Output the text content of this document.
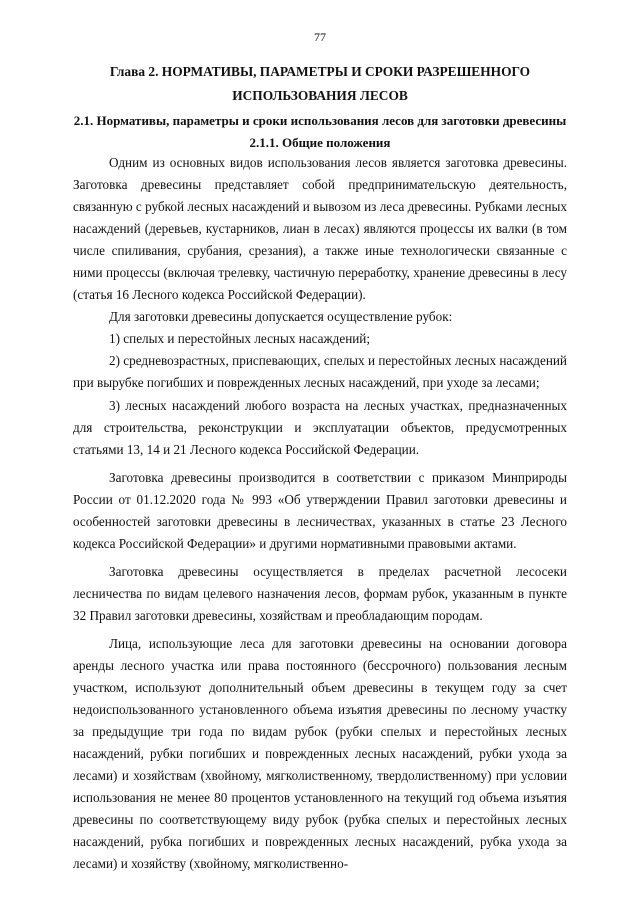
77
Глава 2. НОРМАТИВЫ, ПАРАМЕТРЫ И СРОКИ РАЗРЕШЕННОГО ИСПОЛЬЗОВАНИЯ ЛЕСОВ
2.1. Нормативы, параметры и сроки использования лесов для заготовки древесины
2.1.1. Общие положения

Одним из основных видов использования лесов является заготовка древесины. Заготовка древесины представляет собой предпринимательскую деятельность, связанную с рубкой лесных насаждений и вывозом из леса древесины. Рубками лесных насаждений (деревьев, кустарников, лиан в лесах) являются процессы их валки (в том числе спиливания, срубания, срезания), а также иные технологически связанные с ними процессы (включая трелевку, частичную переработку, хранение древесины в лесу (статья 16 Лесного кодекса Российской Федерации).

Для заготовки древесины допускается осуществление рубок:

1) спелых и перестойных лесных насаждений;

2) средневозрастных, приспевающих, спелых и перестойных лесных насаждений при вырубке погибших и поврежденных лесных насаждений, при уходе за лесами;

3) лесных насаждений любого возраста на лесных участках, предназначенных для строительства, реконструкции и эксплуатации объектов, предусмотренных статьями 13, 14 и 21 Лесного кодекса Российской Федерации.

Заготовка древесины производится в соответствии с приказом Минприроды России от 01.12.2020 года № 993 «Об утверждении Правил заготовки древесины и особенностей заготовки древесины в лесничествах, указанных в статье 23 Лесного кодекса Российской Федерации» и другими нормативными правовыми актами.

Заготовка древесины осуществляется в пределах расчетной лесосеки лесничества по видам целевого назначения лесов, формам рубок, указанным в пункте 32 Правил заготовки древесины, хозяйствам и преобладающим породам.

Лица, использующие леса для заготовки древесины на основании договора аренды лесного участка или права постоянного (бессрочного) пользования лесным участком, используют дополнительный объем древесины в текущем году за счет недоиспользованного установленного объема изъятия древесины по лесному участку за предыдущие три года по видам рубок (рубки спелых и перестойных лесных насаждений, рубки погибших и поврежденных лесных насаждений, рубки ухода за лесами) и хозяйствам (хвойному, мягколиственному, твердолиственному) при условии использования не менее 80 процентов установленного на текущий год объема изъятия древесины по соответствующему виду рубок (рубка спелых и перестойных лесных насаждений, рубка погибших и поврежденных лесных насаждений, рубка ухода за лесами) и хозяйству (хвойному, мягколиственно-
